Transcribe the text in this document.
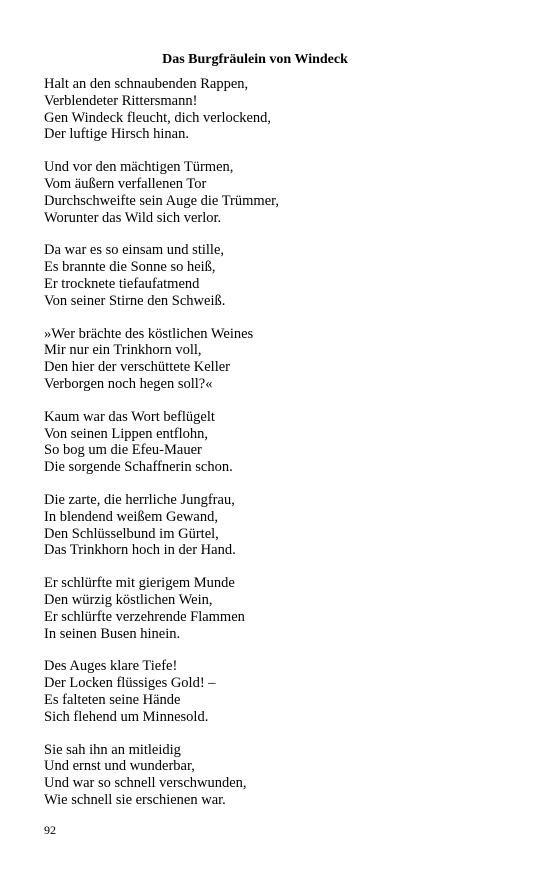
Das Burgfräulein von Windeck
Halt an den schnaubenden Rappen,
Verblendeter Rittersmann!
Gen Windeck fleucht, dich verlockend,
Der luftige Hirsch hinan.
Und vor den mächtigen Türmen,
Vom äußern verfallenen Tor
Durchschweifte sein Auge die Trümmer,
Worunter das Wild sich verlor.
Da war es so einsam und stille,
Es brannte die Sonne so heiß,
Er trocknete tiefaufatmend
Von seiner Stirne den Schweiß.
»Wer brächte des köstlichen Weines
Mir nur ein Trinkhorn voll,
Den hier der verschüttete Keller
Verborgen noch hegen soll?«
Kaum war das Wort beflügelt
Von seinen Lippen entflohn,
So bog um die Efeu-Mauer
Die sorgende Schaffnerin schon.
Die zarte, die herrliche Jungfrau,
In blendend weißem Gewand,
Den Schlüsselbund im Gürtel,
Das Trinkhorn hoch in der Hand.
Er schlürfte mit gierigem Munde
Den würzig köstlichen Wein,
Er schlürfte verzehrende Flammen
In seinen Busen hinein.
Des Auges klare Tiefe!
Der Locken flüssiges Gold! –
Es falteten seine Hände
Sich flehend um Minnesold.
Sie sah ihn an mitleidig
Und ernst und wunderbar,
Und war so schnell verschwunden,
Wie schnell sie erschienen war.
92
